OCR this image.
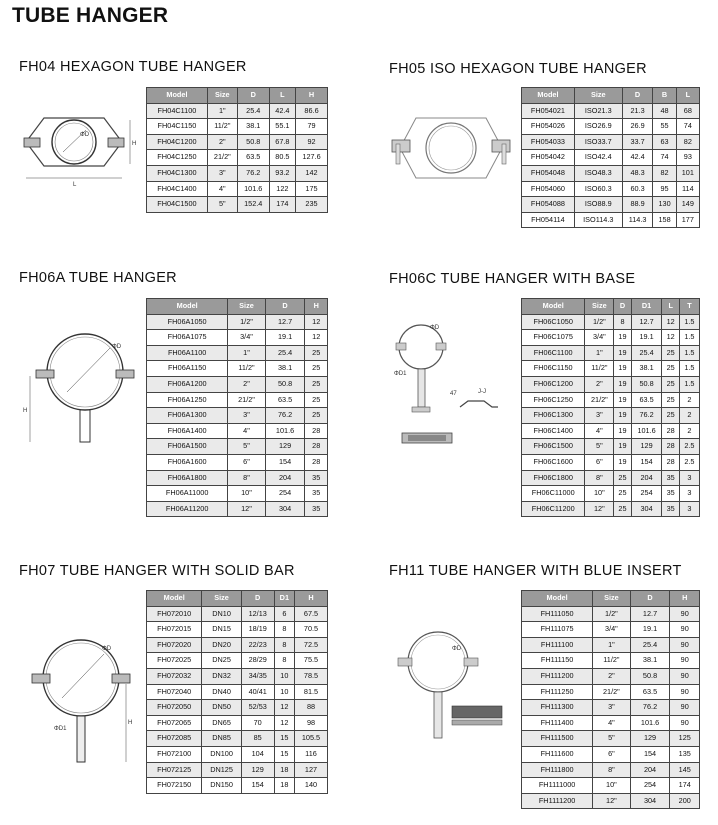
TUBE HANGER
FH04 HEXAGON TUBE HANGER
ΦD
H
L
Model	Size	D	L	H
FH04C1100	1"	25.4	42.4	86.6
FH04C1150	11/2"	38.1	55.1	79
FH04C1200	2"	50.8	67.8	92
FH04C1250	21/2"	63.5	80.5	127.6
FH04C1300	3"	76.2	93.2	142
FH04C1400	4"	101.6	122	175
FH04C1500	5"	152.4	174	235
FH05 ISO HEXAGON TUBE HANGER
Model	Size	D	B	L
FH054021	ISO21.3	21.3	48	68
FH054026	ISO26.9	26.9	55	74
FH054033	ISO33.7	33.7	63	82
FH054042	ISO42.4	42.4	74	93
FH054048	ISO48.3	48.3	82	101
FH054060	ISO60.3	60.3	95	114
FH054088	ISO88.9	88.9	130	149
FH054114	ISO114.3	114.3	158	177
FH06A TUBE HANGER
ΦD
H
Model	Size	D	H
FH06A1050	1/2"	12.7	12
FH06A1075	3/4"	19.1	12
FH06A1100	1"	25.4	25
FH06A1150	11/2"	38.1	25
FH06A1200	2"	50.8	25
FH06A1250	21/2"	63.5	25
FH06A1300	3"	76.2	25
FH06A1400	4"	101.6	28
FH06A1500	5"	129	28
FH06A1600	6"	154	28
FH06A1800	8"	204	35
FH06A11000	10"	254	35
FH06A11200	12"	304	35
FH06C TUBE HANGER WITH BASE
ΦD1
ΦD
47	J-J
Model	Size	D	D1	L	T
FH06C1050	1/2"	8	12.7	12	1.5
FH06C1075	3/4"	19	19.1	12	1.5
FH06C1100	1"	19	25.4	25	1.5
FH06C1150	11/2"	19	38.1	25	1.5
FH06C1200	2"	19	50.8	25	1.5
FH06C1250	21/2"	19	63.5	25	2
FH06C1300	3"	19	76.2	25	2
FH06C1400	4"	19	101.6	28	2
FH06C1500	5"	19	129	28	2.5
FH06C1600	6"	19	154	28	2.5
FH06C1800	8"	25	204	35	3
FH06C11000	10"	25	254	35	3
FH06C11200	12"	25	304	35	3
FH07 TUBE HANGER WITH SOLID BAR
ΦD
ΦD1
H
Model	Size	D	D1	H
FH072010	DN10	12/13	6	67.5
FH072015	DN15	18/19	8	70.5
FH072020	DN20	22/23	8	72.5
FH072025	DN25	28/29	8	75.5
FH072032	DN32	34/35	10	78.5
FH072040	DN40	40/41	10	81.5
FH072050	DN50	52/53	12	88
FH072065	DN65	70	12	98
FH072085	DN85	85	15	105.5
FH072100	DN100	104	15	116
FH072125	DN125	129	18	127
FH072150	DN150	154	18	140
FH11 TUBE HANGER WITH BLUE INSERT
ΦD
Model	Size	D	H
FH111050	1/2"	12.7	90
FH111075	3/4"	19.1	90
FH111100	1"	25.4	90
FH111150	11/2"	38.1	90
FH111200	2"	50.8	90
FH111250	21/2"	63.5	90
FH111300	3"	76.2	90
FH111400	4"	101.6	90
FH111500	5"	129	125
FH111600	6"	154	135
FH111800	8"	204	145
FH1111000	10"	254	174
FH1111200	12"	304	200
